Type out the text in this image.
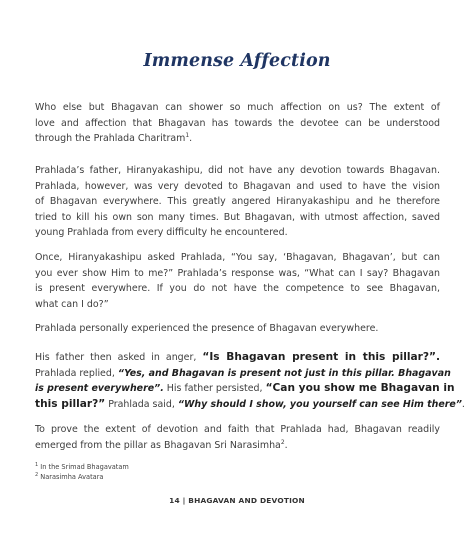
Immense Affection
Who else but Bhagavan can shower so much affection on us? The extent of
love and affection that Bhagavan has towards the devotee can be understood
through the Prahlada Charitram$^1$.
Prahlada’s father, Hiranyakashipu, did not have any devotion towards Bhagavan.
Prahlada, however, was very devoted to Bhagavan and used to have the vision
of Bhagavan everywhere. This greatly angered Hiranyakashipu and he therefore
tried to kill his own son many times. But Bhagavan, with utmost affection, saved
young Prahlada from every difficulty he encountered.
Once, Hiranyakashipu asked Prahlada, “You say, ‘Bhagavan, Bhagavan’, but can
you ever show Him to me?” Prahlada’s response was, “What can I say? Bhagavan
is present everywhere. If you do not have the competence to see Bhagavan,
what can I do?”
Prahlada personally experienced the presence of Bhagavan everywhere.
His father then asked in anger, “Is Bhagavan present in this pillar?”.
Prahlada replied, “Yes, and Bhagavan is present not just in this pillar. Bhagavan
is present everywhere”. His father persisted, “Can you show me Bhagavan in
this pillar?” Prahlada said, “Why should I show, you yourself can see Him there”.
To prove the extent of devotion and faith that Prahlada had, Bhagavan readily
emerged from the pillar as Bhagavan Sri Narasimha$^2$.
$^1$ In the Srimad Bhagavatam
$^2$ Narasimha Avatara
14 | BHAGAVAN AND DEVOTION
